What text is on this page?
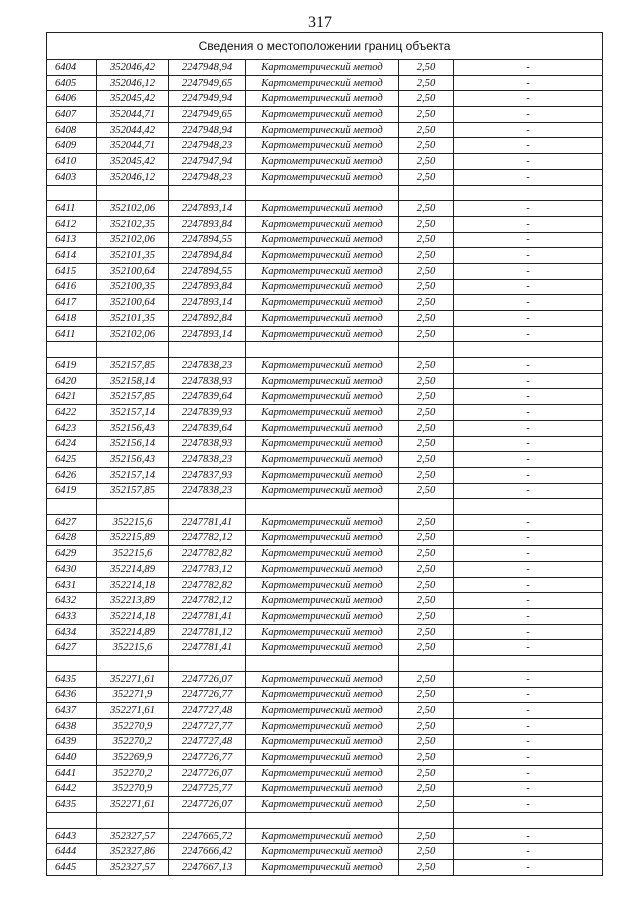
317
Сведения о местоположении границ объекта					
6404	352046,42	2247948,94	Картометрический метод	2,50	-
6405	352046,12	2247949,65	Картометрический метод	2,50	-
6406	352045,42	2247949,94	Картометрический метод	2,50	-
6407	352044,71	2247949,65	Картометрический метод	2,50	-
6408	352044,42	2247948,94	Картометрический метод	2,50	-
6409	352044,71	2247948,23	Картометрический метод	2,50	-
6410	352045,42	2247947,94	Картометрический метод	2,50	-
6403	352046,12	2247948,23	Картометрический метод	2,50	-

6411	352102,06	2247893,14	Картометрический метод	2,50	-
6412	352102,35	2247893,84	Картометрический метод	2,50	-
6413	352102,06	2247894,55	Картометрический метод	2,50	-
6414	352101,35	2247894,84	Картометрический метод	2,50	-
6415	352100,64	2247894,55	Картометрический метод	2,50	-
6416	352100,35	2247893,84	Картометрический метод	2,50	-
6417	352100,64	2247893,14	Картометрический метод	2,50	-
6418	352101,35	2247892,84	Картометрический метод	2,50	-
6411	352102,06	2247893,14	Картометрический метод	2,50	-

6419	352157,85	2247838,23	Картометрический метод	2,50	-
6420	352158,14	2247838,93	Картометрический метод	2,50	-
6421	352157,85	2247839,64	Картометрический метод	2,50	-
6422	352157,14	2247839,93	Картометрический метод	2,50	-
6423	352156,43	2247839,64	Картометрический метод	2,50	-
6424	352156,14	2247838,93	Картометрический метод	2,50	-
6425	352156,43	2247838,23	Картометрический метод	2,50	-
6426	352157,14	2247837,93	Картометрический метод	2,50	-
6419	352157,85	2247838,23	Картометрический метод	2,50	-

6427	352215,6	2247781,41	Картометрический метод	2,50	-
6428	352215,89	2247782,12	Картометрический метод	2,50	-
6429	352215,6	2247782,82	Картометрический метод	2,50	-
6430	352214,89	2247783,12	Картометрический метод	2,50	-
6431	352214,18	2247782,82	Картометрический метод	2,50	-
6432	352213,89	2247782,12	Картометрический метод	2,50	-
6433	352214,18	2247781,41	Картометрический метод	2,50	-
6434	352214,89	2247781,12	Картометрический метод	2,50	-
6427	352215,6	2247781,41	Картометрический метод	2,50	-

6435	352271,61	2247726,07	Картометрический метод	2,50	-
6436	352271,9	2247726,77	Картометрический метод	2,50	-
6437	352271,61	2247727,48	Картометрический метод	2,50	-
6438	352270,9	2247727,77	Картометрический метод	2,50	-
6439	352270,2	2247727,48	Картометрический метод	2,50	-
6440	352269,9	2247726,77	Картометрический метод	2,50	-
6441	352270,2	2247726,07	Картометрический метод	2,50	-
6442	352270,9	2247725,77	Картометрический метод	2,50	-
6435	352271,61	2247726,07	Картометрический метод	2,50	-

6443	352327,57	2247665,72	Картометрический метод	2,50	-
6444	352327,86	2247666,42	Картометрический метод	2,50	-
6445	352327,57	2247667,13	Картометрический метод	2,50	-
